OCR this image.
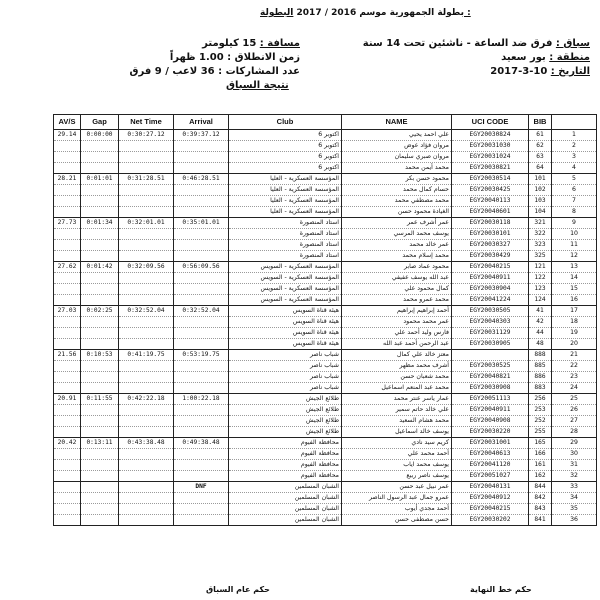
بطولة الجمهورية موسم 2016 / 2017 البطولة :
سباق : فرق ضد الساعة - ناشئين تحت 14 سنة
منطقة : بور سعيد
التاريخ : 10-3-2017
مسافة : 15 كيلومتر
زمن الانطلاق : 1.00 ظهراً
عدد المشاركات : 36 لاعب / 9 فرق
نتيجة السباق
AV/S	Gap	Net Time	Arrival	Club	NAME	UCI CODE	BIB	
29.14	0:00:00	0:30:27.12	0:39:37.12	اكتوبر 6	علي احمد يحيي	EGY20030824	61	1
				اكتوبر 6	مروان فؤاد عوض	EGY20031030	62	2
				اكتوبر 6	مروان صبري سليمان	EGY20031024	63	3
				اكتوبر 6	محمد أيمن محمد	EGY20030821	64	4
28.21	0:01:01	0:31:28.51	0:46:28.51	المؤسسة العسكرية - العليا	محمود حسن بكر	EGY20030514	101	5
				المؤسسة العسكرية - العليا	حسام كمال محمد	EGY20030425	102	6
				المؤسسة العسكرية - العليا	محمد مصطفي محمد	EGY20040113	103	7
				المؤسسة العسكرية - العليا	الغيادة محمود حسن	EGY20040601	104	8
27.73	0:01:34	0:32:01.01	0:35:01.01	استاد المنصورة	عمر أشرف عمر	EGY20030118	321	9
				استاد المنصورة	يوسف محمد المرسي	EGY20030101	322	10
				استاد المنصورة	عمر خالد محمد	EGY20030327	323	11
				استاد المنصورة	محمد إسلام محمد	EGY20030429	325	12
27.62	0:01:42	0:32:09.56	0:56:09.56	المؤسسة العسكرية - السويس	محمود عماد صابر	EGY20040215	121	13
				المؤسسة العسكرية - السويس	عبد الله يوسف عفيفي	EGY20040911	122	14
				المؤسسة العسكرية - السويس	كمال محمود علي	EGY20030904	123	15
				المؤسسة العسكرية - السويس	محمد عمرو محمد	EGY20041224	124	16
27.03	0:02:25	0:32:52.04	0:32:52.04	هيئة قناة السويس	أحمد إبراهيم إبراهيم	EGY20030505	41	17
				هيئة قناة السويس	عمر محمد محمود	EGY20040303	42	18
				هيئة قناة السويس	فارس وليد أحمد علي	EGY20031129	44	19
				هيئة قناة السويس	عبد الرحمن أحمد عبد الله	EGY20030905	48	20
21.56	0:10:53	0:41:19.75	0:53:19.75	شباب ناصر	معتز خالد علي كمال		888	21
				شباب ناصر	أشرف محمد مظهر	EGY20030525	885	22
				شباب ناصر	محمد شعبان حسن	EGY20040821	886	23
				شباب ناصر	محمد عبد المنعم اسماعيل	EGY20030908	883	24
20.91	0:11:55	0:42:22.18	1:00:22.18	طلائع الجيش	عمار ياسر عنتر محمد	EGY20051113	256	25
				طلائع الجيش	علي خالد حاتم سمير	EGY20040911	253	26
				طلائع الجيش	محمد هشام السعيد	EGY20040908	252	27
				طلائع الجيش	يوسف خالد اسماعيل	EGY20030220	255	28
20.42	0:13:11	0:43:38.48	0:49:38.48	محافظة الفيوم	كريم سيد نادي	EGY20031001	165	29
				محافظة الفيوم	أحمد محمد علي	EGY20040613	166	30
				محافظة الفيوم	يوسف محمد اياب	EGY20041120	161	31
				محافظة الفيوم	يوسف ناصر ربيع	EGY20051027	162	32
			DNF	الشبان المسلمين	عمر نبيل عبد حسن	EGY20040131	844	33
				الشبان المسلمين	عمرو جمال عبد الرسول الناصر	EGY20040912	842	34
				الشبان المسلمين	أحمد مجدي أيوب	EGY20040215	843	35
				الشبان المسلمين	حسن مصطفى حسن	EGY20030202	841	36
حكم خط النهاية
حكم عام السباق
